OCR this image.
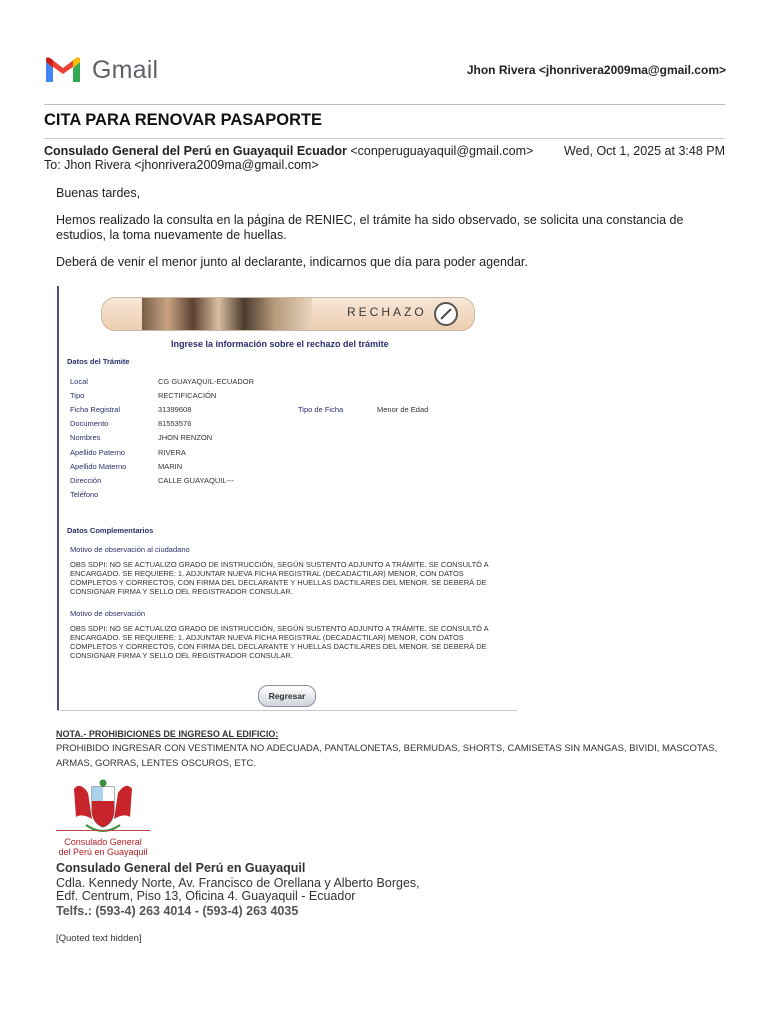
Gmail	Jhon Rivera <jhonrivera2009ma@gmail.com>
CITA PARA RENOVAR PASAPORTE
Consulado General del Perú en Guayaquil Ecuador <conperuguayaquil@gmail.com> Wed, Oct 1, 2025 at 3:48 PM
To: Jhon Rivera <jhonrivera2009ma@gmail.com>
Buenas tardes,
Hemos realizado la consulta en la página de RENIEC, el trámite ha sido observado, se solicita una constancia de estudios, la toma nuevamente de huellas.
Deberá de venir el menor junto al declarante, indicarnos que día para poder agendar.
RECHAZO
Ingrese la información sobre el rechazo del trámite
Datos del Trámite
Local	CG GUAYAQUIL-ECUADOR
Tipo	RECTIFICACIÓN
Ficha Registral	31399608	Tipo de Ficha	Menor de Edad
Documento	81553576
Nombres	JHON RENZON
Apellido Paterno	RIVERA
Apellido Materno	MARIN
Dirección	CALLE GUAYAQUIL---
Teléfono
Datos Complementarios
Motivo de observación al ciudadano
OBS SDPI: NO SE ACTUALIZO GRADO DE INSTRUCCIÓN, SEGÚN SUSTENTO ADJUNTO A TRÁMITE. SE CONSULTÓ A ENCARGADO. SE REQUIERE: 1. ADJUNTAR NUEVA FICHA REGISTRAL (DECADACTILAR) MENOR, CON DATOS COMPLETOS Y CORRECTOS, CON FIRMA DEL DECLARANTE Y HUELLAS DACTILARES DEL MENOR. SE DEBERÁ DE CONSIGNAR FIRMA Y SELLO DEL REGISTRADOR CONSULAR.
Motivo de observación
OBS SDPI: NO SE ACTUALIZO GRADO DE INSTRUCCIÓN, SEGÚN SUSTENTO ADJUNTO A TRÁMITE. SE CONSULTÓ A ENCARGADO. SE REQUIERE: 1. ADJUNTAR NUEVA FICHA REGISTRAL (DECADACTILAR) MENOR, CON DATOS COMPLETOS Y CORRECTOS, CON FIRMA DEL DECLARANTE Y HUELLAS DACTILARES DEL MENOR. SE DEBERÁ DE CONSIGNAR FIRMA Y SELLO DEL REGISTRADOR CONSULAR.
Regresar
NOTA.- PROHIBICIONES DE INGRESO AL EDIFICIO:
PROHIBIDO INGRESAR CON VESTIMENTA NO ADECUADA, PANTALONETAS, BERMUDAS, SHORTS, CAMISETAS SIN MANGAS, BIVIDI, MASCOTAS, ARMAS, GORRAS, LENTES OSCUROS, ETC.
Consulado General
del Perú en Guayaquil
Consulado General del Perú en Guayaquil
Cdla. Kennedy Norte, Av. Francisco de Orellana y Alberto Borges,
Edf. Centrum, Piso 13, Oficina 4. Guayaquil - Ecuador
Telfs.: (593-4) 263 4014 - (593-4) 263 4035
[Quoted text hidden]
